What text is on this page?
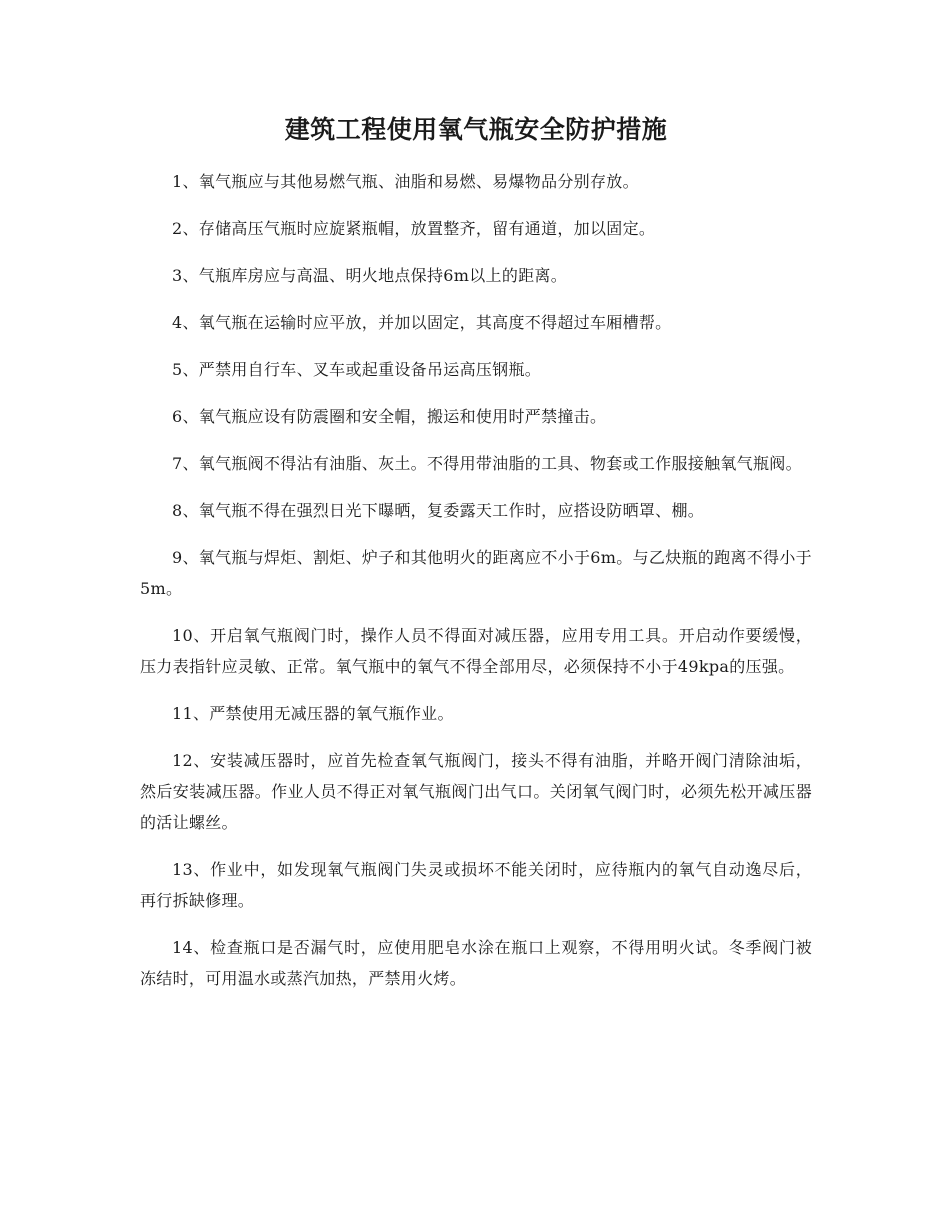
建筑工程使用氧气瓶安全防护措施

1、氧气瓶应与其他易燃气瓶、油脂和易燃、易爆物品分别存放。

2、存储高压气瓶时应旋紧瓶帽，放置整齐，留有通道，加以固定。

3、气瓶库房应与高温、明火地点保持6m以上的距离。

4、氧气瓶在运输时应平放，并加以固定，其高度不得超过车厢槽帮。

5、严禁用自行车、叉车或起重设备吊运高压钢瓶。

6、氧气瓶应设有防震圈和安全帽，搬运和使用时严禁撞击。

7、氧气瓶阀不得沾有油脂、灰土。不得用带油脂的工具、物套或工作服接触氧气瓶阀。

8、氧气瓶不得在强烈日光下曝晒，复委露天工作时，应搭设防晒罩、棚。

9、氧气瓶与焊炬、割炬、炉子和其他明火的距离应不小于6m。与乙炔瓶的跑离不得小于5m。

10、开启氧气瓶阀门时，操作人员不得面对减压器，应用专用工具。开启动作要缓慢，压力表指针应灵敏、正常。氧气瓶中的氧气不得全部用尽，必须保持不小于49kpa的压强。

11、严禁使用无减压器的氧气瓶作业。

12、安装减压器时，应首先检查氧气瓶阀门，接头不得有油脂，并略开阀门清除油垢，然后安装减压器。作业人员不得正对氧气瓶阀门出气口。关闭氧气阀门时，必须先松开减压器的活让螺丝。

13、作业中，如发现氧气瓶阀门失灵或损坏不能关闭时，应待瓶内的氧气自动逸尽后，再行拆缺修理。

14、检查瓶口是否漏气时，应使用肥皂水涂在瓶口上观察，不得用明火试。冬季阀门被冻结时，可用温水或蒸汽加热，严禁用火烤。
